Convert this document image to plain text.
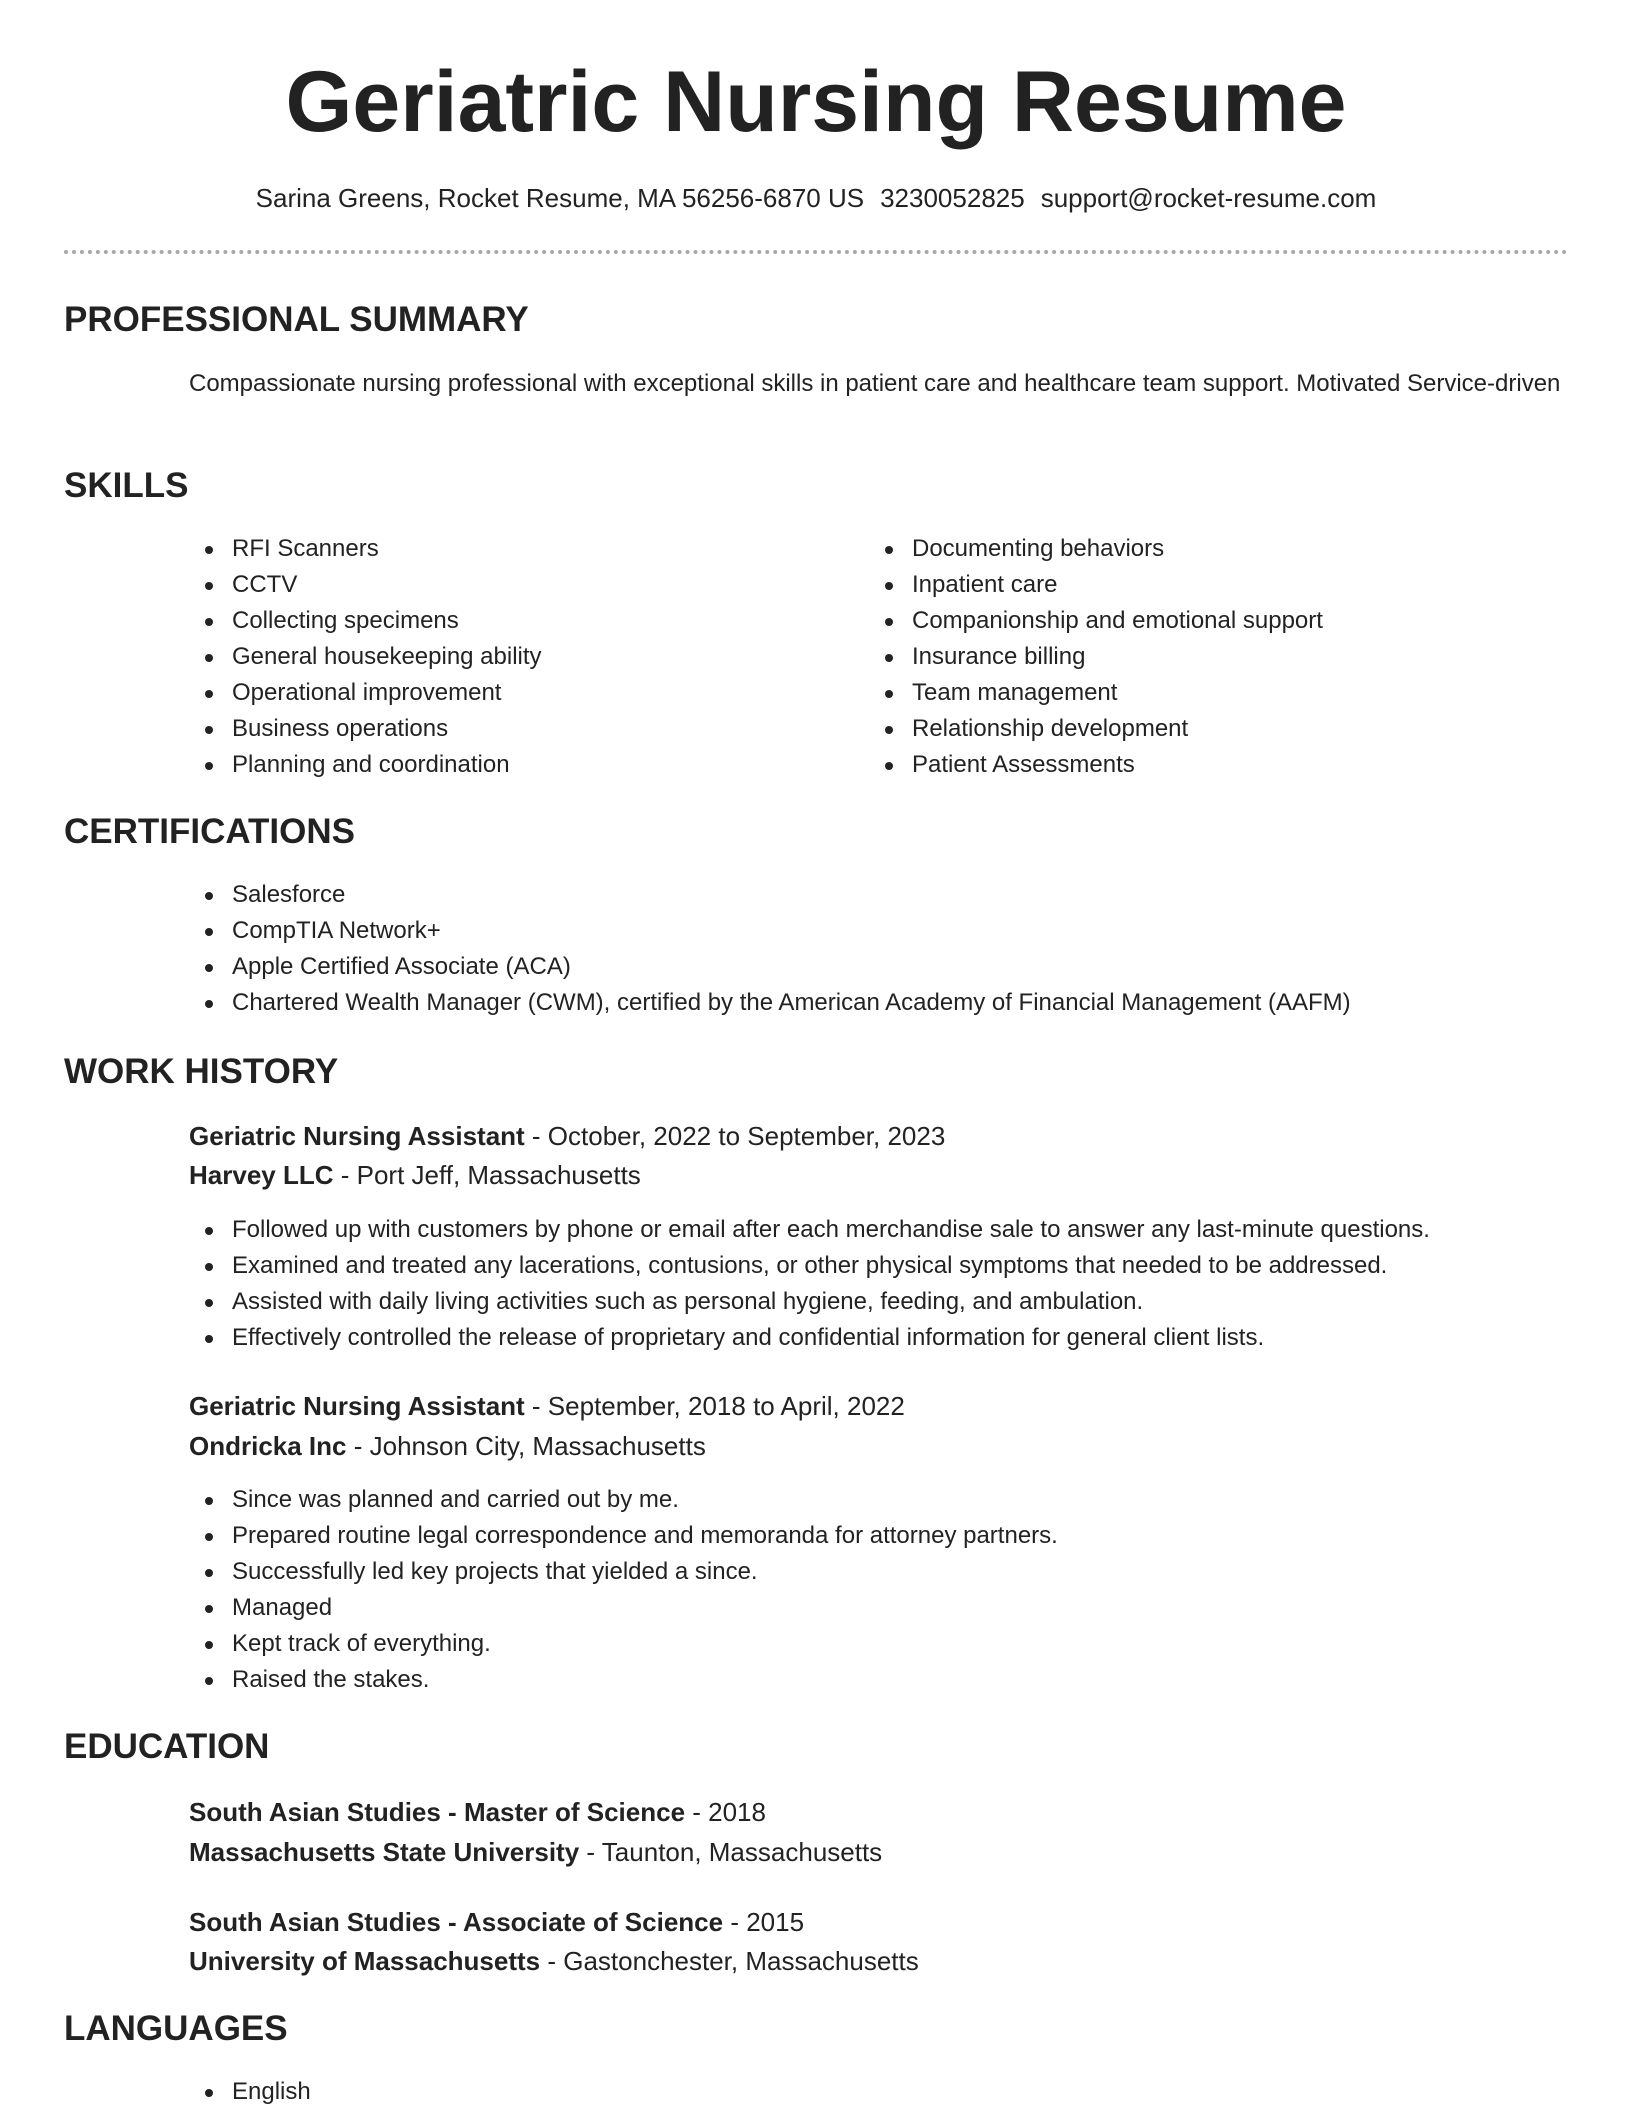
Geriatric Nursing Resume
Sarina Greens, Rocket Resume, MA 56256-6870 US 3230052825 support@rocket-resume.com
PROFESSIONAL SUMMARY

Compassionate nursing professional with exceptional skills in patient care and healthcare team support. Motivated Service-driven

SKILLS
RFI Scanners
CCTV
Collecting specimens
General housekeeping ability
Operational improvement
Business operations
Planning and coordination
Documenting behaviors
Inpatient care
Companionship and emotional support
Insurance billing
Team management
Relationship development
Patient Assessments
CERTIFICATIONS
Salesforce
CompTIA Network+
Apple Certified Associate (ACA)
Chartered Wealth Manager (CWM), certified by the American Academy of Financial Management (AAFM)
WORK HISTORY
Geriatric Nursing Assistant - October, 2022 to September, 2023
Harvey LLC - Port Jeff, Massachusetts
Followed up with customers by phone or email after each merchandise sale to answer any last-minute questions.
Examined and treated any lacerations, contusions, or other physical symptoms that needed to be addressed.
Assisted with daily living activities such as personal hygiene, feeding, and ambulation.
Effectively controlled the release of proprietary and confidential information for general client lists.
Geriatric Nursing Assistant - September, 2018 to April, 2022
Ondricka Inc - Johnson City, Massachusetts
Since was planned and carried out by me.
Prepared routine legal correspondence and memoranda for attorney partners.
Successfully led key projects that yielded a since.
Managed
Kept track of everything.
Raised the stakes.
EDUCATION
South Asian Studies - Master of Science - 2018
Massachusetts State University - Taunton, Massachusetts
South Asian Studies - Associate of Science - 2015
University of Massachusetts - Gastonchester, Massachusetts
LANGUAGES
English
